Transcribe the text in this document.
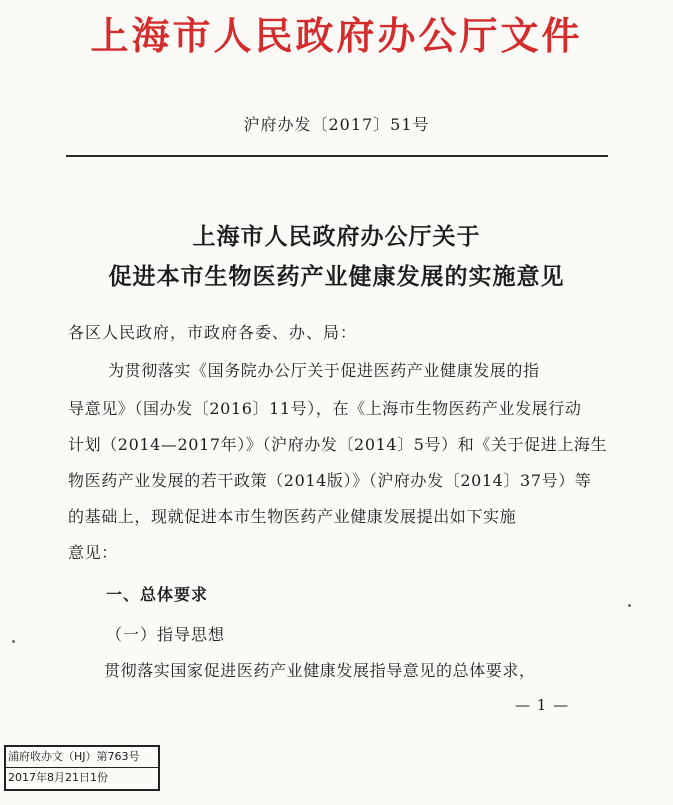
上海市人民政府办公厅文件
沪府办发〔2017〕51号
上海市人民政府办公厅关于
促进本市生物医药产业健康发展的实施意见
各区人民政府，市政府各委、办、局：
为贯彻落实《国务院办公厅关于促进医药产业健康发展的指
导意见》（国办发〔2016〕11号），在《上海市生物医药产业发展行动
计划（2014—2017年）》（沪府办发〔2014〕5号）和《关于促进上海生
物医药产业发展的若干政策（2014版）》（沪府办发〔2014〕37号）等
的基础上，现就促进本市生物医药产业健康发展提出如下实施
意见：
一、总体要求
（一）指导思想
贯彻落实国家促进医药产业健康发展指导意见的总体要求，
— 1 —
浦府收办文（HJ）第763号
2017年8月21日1份
